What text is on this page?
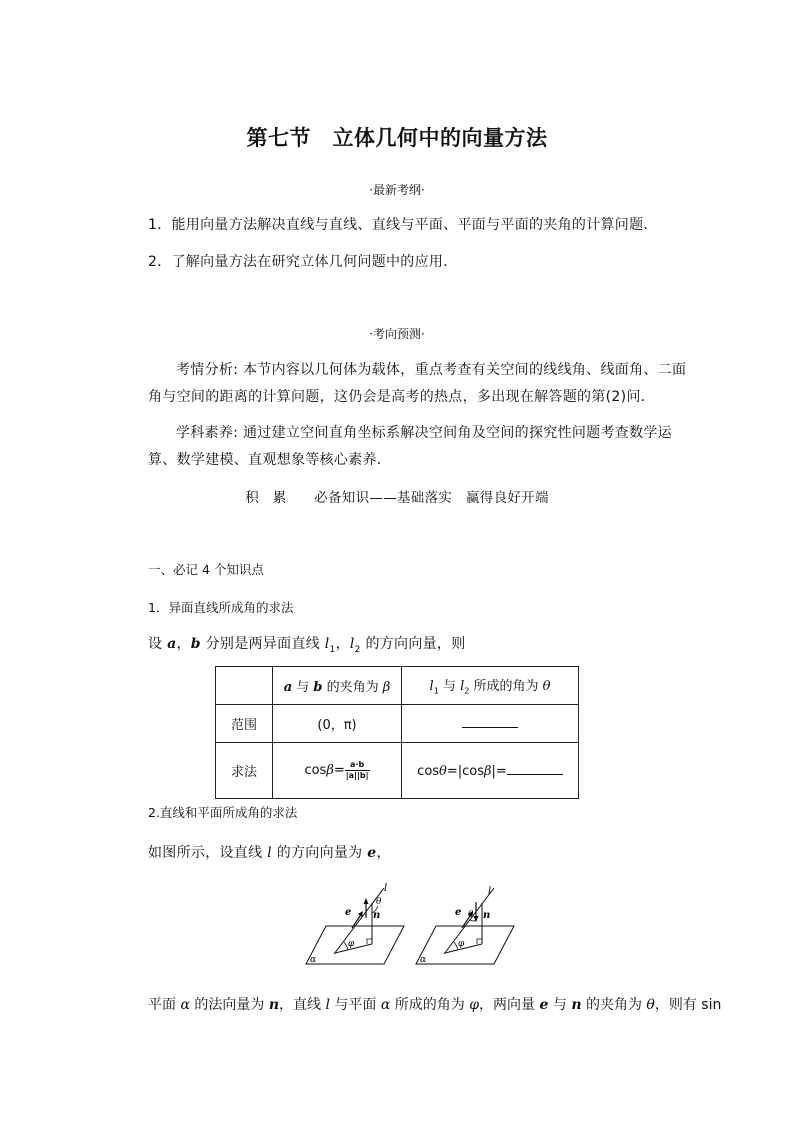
第七节　立体几何中的向量方法
·最新考纲·
1．能用向量方法解决直线与直线、直线与平面、平面与平面的夹角的计算问题．
2．了解向量方法在研究立体几何问题中的应用．
·考向预测·
考情分析: 本节内容以几何体为载体，重点考查有关空间的线线角、线面角、二面角与空间的距离的计算问题，这仍会是高考的热点，多出现在解答题的第(2)问．
学科素养: 通过建立空间直角坐标系解决空间角及空间的探究性问题考查数学运算、数学建模、直观想象等核心素养．
积　累　　必备知识——基础落实　赢得良好开端
一、必记 4 个知识点
1．异面直线所成角的求法
设 a，b 分别是两异面直线 $l_1$，$l_2$ 的方向向量，则
	a 与 b 的夹角为 β	$l_1$ 与 $l_2$ 所成的角为 θ
范围	(0，π)	
求法	$\cos\beta= \frac{a\cdot b}{|a||b|}$	cosθ=|cosβ|=
2.直线和平面所成角的求法
如图所示，设直线 l 的方向向量为 e，
l
θ
e n
φ
α
l
θ
e n
φ
α
平面 α 的法向量为 n，直线 l 与平面 α 所成的角为 φ，两向量 e 与 n 的夹角为 θ，则有 sin
